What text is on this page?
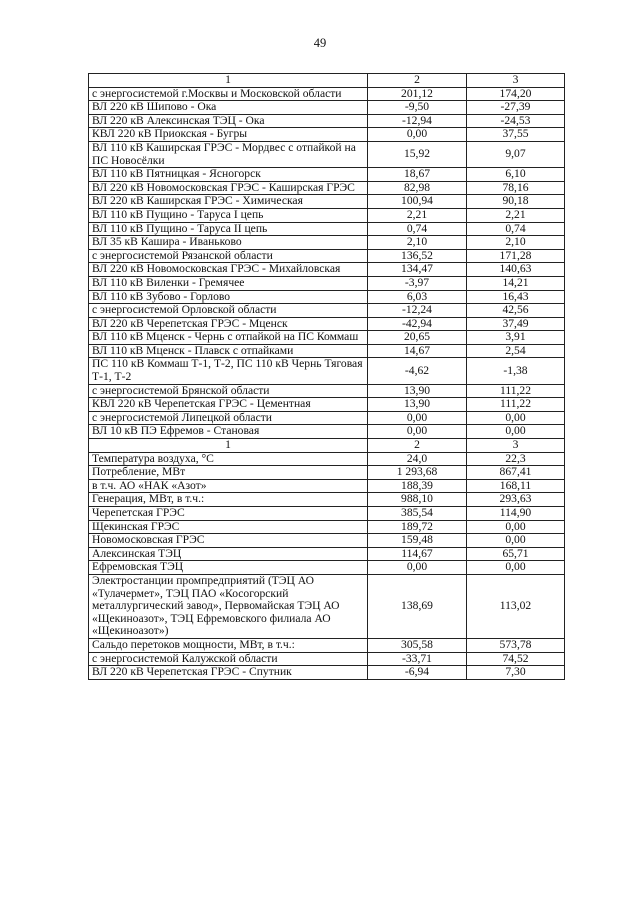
49
1	2	3
с энергосистемой г.Москвы и Московской области	201,12	174,20
ВЛ 220 кВ Шипово - Ока	-9,50	-27,39
ВЛ 220 кВ Алексинская ТЭЦ - Ока	-12,94	-24,53
КВЛ 220 кВ Приокская - Бугры	0,00	37,55
ВЛ 110 кВ Каширская ГРЭС - Мордвес с отпайкой на ПС Новосёлки	15,92	9,07
ВЛ 110 кВ Пятницкая - Ясногорск	18,67	6,10
ВЛ 220 кВ Новомосковская ГРЭС - Каширская ГРЭС	82,98	78,16
ВЛ 220 кВ Каширская ГРЭС - Химическая	100,94	90,18
ВЛ 110 кВ Пущино - Таруса I цепь	2,21	2,21
ВЛ 110 кВ Пущино - Таруса II цепь	0,74	0,74
ВЛ 35 кВ Кашира - Иваньково	2,10	2,10
с энергосистемой Рязанской области	136,52	171,28
ВЛ 220 кВ Новомосковская ГРЭС - Михайловская	134,47	140,63
ВЛ 110 кВ Виленки - Гремячее	-3,97	14,21
ВЛ 110 кВ Зубово - Горлово	6,03	16,43
с энергосистемой Орловской области	-12,24	42,56
ВЛ 220 кВ Черепетская ГРЭС - Мценск	-42,94	37,49
ВЛ 110 кВ Мценск - Чернь с отпайкой на ПС Коммаш	20,65	3,91
ВЛ 110 кВ Мценск - Плавск с отпайками	14,67	2,54
ПС 110 кВ Коммаш Т-1, Т-2, ПС 110 кВ Чернь Тяговая Т-1, Т-2	-4,62	-1,38
с энергосистемой Брянской области	13,90	111,22
КВЛ 220 кВ Черепетская ГРЭС - Цементная	13,90	111,22
с энергосистемой Липецкой области	0,00	0,00
ВЛ 10 кВ ПЭ Ефремов - Становая	0,00	0,00
1	2	3
Температура воздуха, °С	24,0	22,3
Потребление, МВт	1 293,68	867,41
в т.ч. АО «НАК «Азот»	188,39	168,11
Генерация, МВт, в т.ч.:	988,10	293,63
Черепетская ГРЭС	385,54	114,90
Щекинская ГРЭС	189,72	0,00
Новомосковская ГРЭС	159,48	0,00
Алексинская ТЭЦ	114,67	65,71
Ефремовская ТЭЦ	0,00	0,00
Электростанции промпредприятий (ТЭЦ АО «Тулачермет», ТЭЦ ПАО «Косогорский металлургический завод», Первомайская ТЭЦ АО «Щекиноазот», ТЭЦ Ефремовского филиала АО «Щекиноазот»)	138,69	113,02
Сальдо перетоков мощности, МВт, в т.ч.:	305,58	573,78
с энергосистемой Калужской области	-33,71	74,52
ВЛ 220 кВ Черепетская ГРЭС - Спутник	-6,94	7,30
